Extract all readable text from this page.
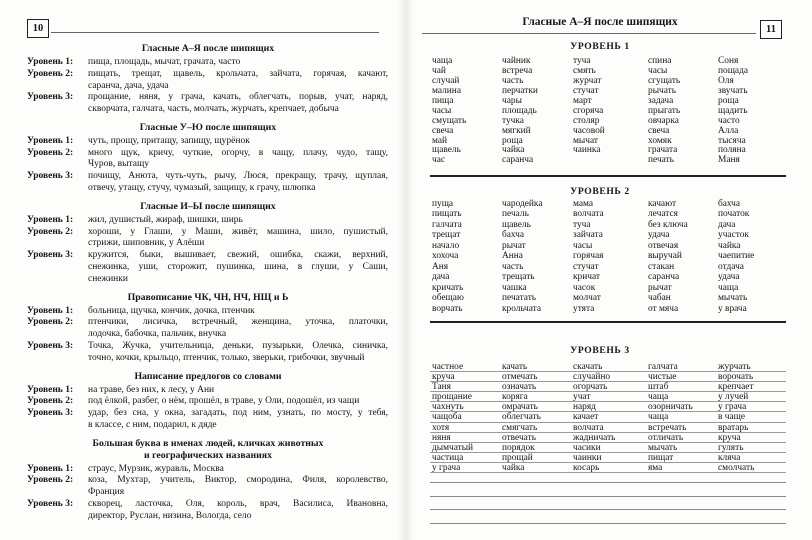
10
Гласные А–Я после шипящих
Уровень 1:	пища, площадь, мычат, грачата, часто
Уровень 2:	пищать, трещат, щавель, крольчата, зайчата, горячая, качают,
саранча, дача, удача
Уровень 3:	прощание, няня, у грача, качать, облегчать, порыв, учат, наряд,
скворчата, галчата, часть, молчать, журчать, крепчает, добыча
Гласные У–Ю после шипящих
Уровень 1:	чуть, прощу, притащу, запищу, щурёнок
Уровень 2:	много щук, кричу, чуткие, огорчу, в чащу, плачу, чудо, тащу,
Чуров, вытащу
Уровень 3:	почищу, Анюта, чуть-чуть, рычу, Люся, прекращу, трачу, щуплая,
отвечу, утащу, стучу, чумазый, защищу, к грачу, шлюпка
Гласные И–Ы после шипящих
Уровень 1:	жил, душистый, жираф, шишки, ширь
Уровень 2:	хороши, у Глаши, у Маши, живёт, машина, шило, пушистый,
стрижи, шиповник, у Алёши
Уровень 3:	кружится, быки, вышивает, свежий, ошибка, скажи, верхний,
снежинка, уши, сторожит, пушинка, шина, в глуши, у Саши,
снежинки
Правописание ЧК, ЧН, НЧ, НЩ и Ь
Уровень 1:	больница, щучка, кончик, дочка, птенчик
Уровень 2:	птенчики, лисичка, встречный, женщина, уточка, платочки,
лодочка, бабочка, пальчик, внучка
Уровень 3:	Точка, Жучка, учительница, деньки, пузырьки, Олечка, синичка,
точно, кочки, крыльцо, птенчик, только, зверьки, грибочки, звучный
Написание предлогов со словами
Уровень 1:	на траве, без них, к лесу, у Ани
Уровень 2:	под ёлкой, разбег, о нём, прошёл, в траве, у Оли, подошёл, из чащи
Уровень 3:	удар, без сна, у окна, загадать, под ним, узнать, по мосту, у тебя,
в классе, с ним, подарил, к дяде
Большая буква в именах людей, кличках животных
и географических названиях
Уровень 1:	страус, Мурзик, журавль, Москва
Уровень 2:	коза, Мухтар, учитель, Виктор, смородина, Филя, королевство,
Франция
Уровень 3:	скворец, ласточка, Оля, король, врач, Василиса, Ивановна,
директор, Руслан, низина, Вологда, село
Гласные А–Я после шипящих
11
УРОВЕНЬ 1
чаща	чайник	туча	спина	Соня
чай	встреча	смять	часы	пощада
случай	часть	журчат	сгущать	Оля
малина	перчатки	стучат	рычать	звучать
пища	чары	март	задача	роща
часы	площадь	сгоряча	прыгать	щадить
смущать	тучка	столяр	овчарка	часто
свеча	мягкий	часовой	свеча	Алла
май	роща	мычат	хомяк	тысяча
щавель	чайка	чаинка	грачата	поляна
час	саранча	печать	Маня
УРОВЕНЬ 2
пуща	чародейка	мама	качают	бахча
пищать	печаль	волчата	лечатся	початок
галчата	щавель	туча	без ключа	дача
трещат	бахча	зайчата	удача	участок
начало	рычат	часы	отвечая	чайка
хохоча	Анна	горячая	выручай	чаепитие
Аня	часть	стучат	стакан	отдача
дача	трещать	кричат	саранча	удача
кричать	чашка	часок	рычат	чаща
обещаю	печатать	молчат	чабан	мычать
ворчать	крольчата	утята	от мяча	у врача
УРОВЕНЬ 3
частное	качать	скачать	галчата	журчать
круча	отмечать	случайно	чистые	ворочать
Таня	означать	огорчать	штаб	крепчает
прощание	коряга	учат	чаща	у лучей
чахнуть	омрачать	наряд	озорничать	у грача
чащоба	облегчать	качает	чаща	в чаще
хотя	смягчать	волчата	встречать	вратарь
няня	отвечать	жадничать	отличать	круча
дымчатый	порядок	часики	мычать	гулять
частица	прощай	чаинки	пищат	кляча
у грача	чайка	косарь	яма	смолчать
